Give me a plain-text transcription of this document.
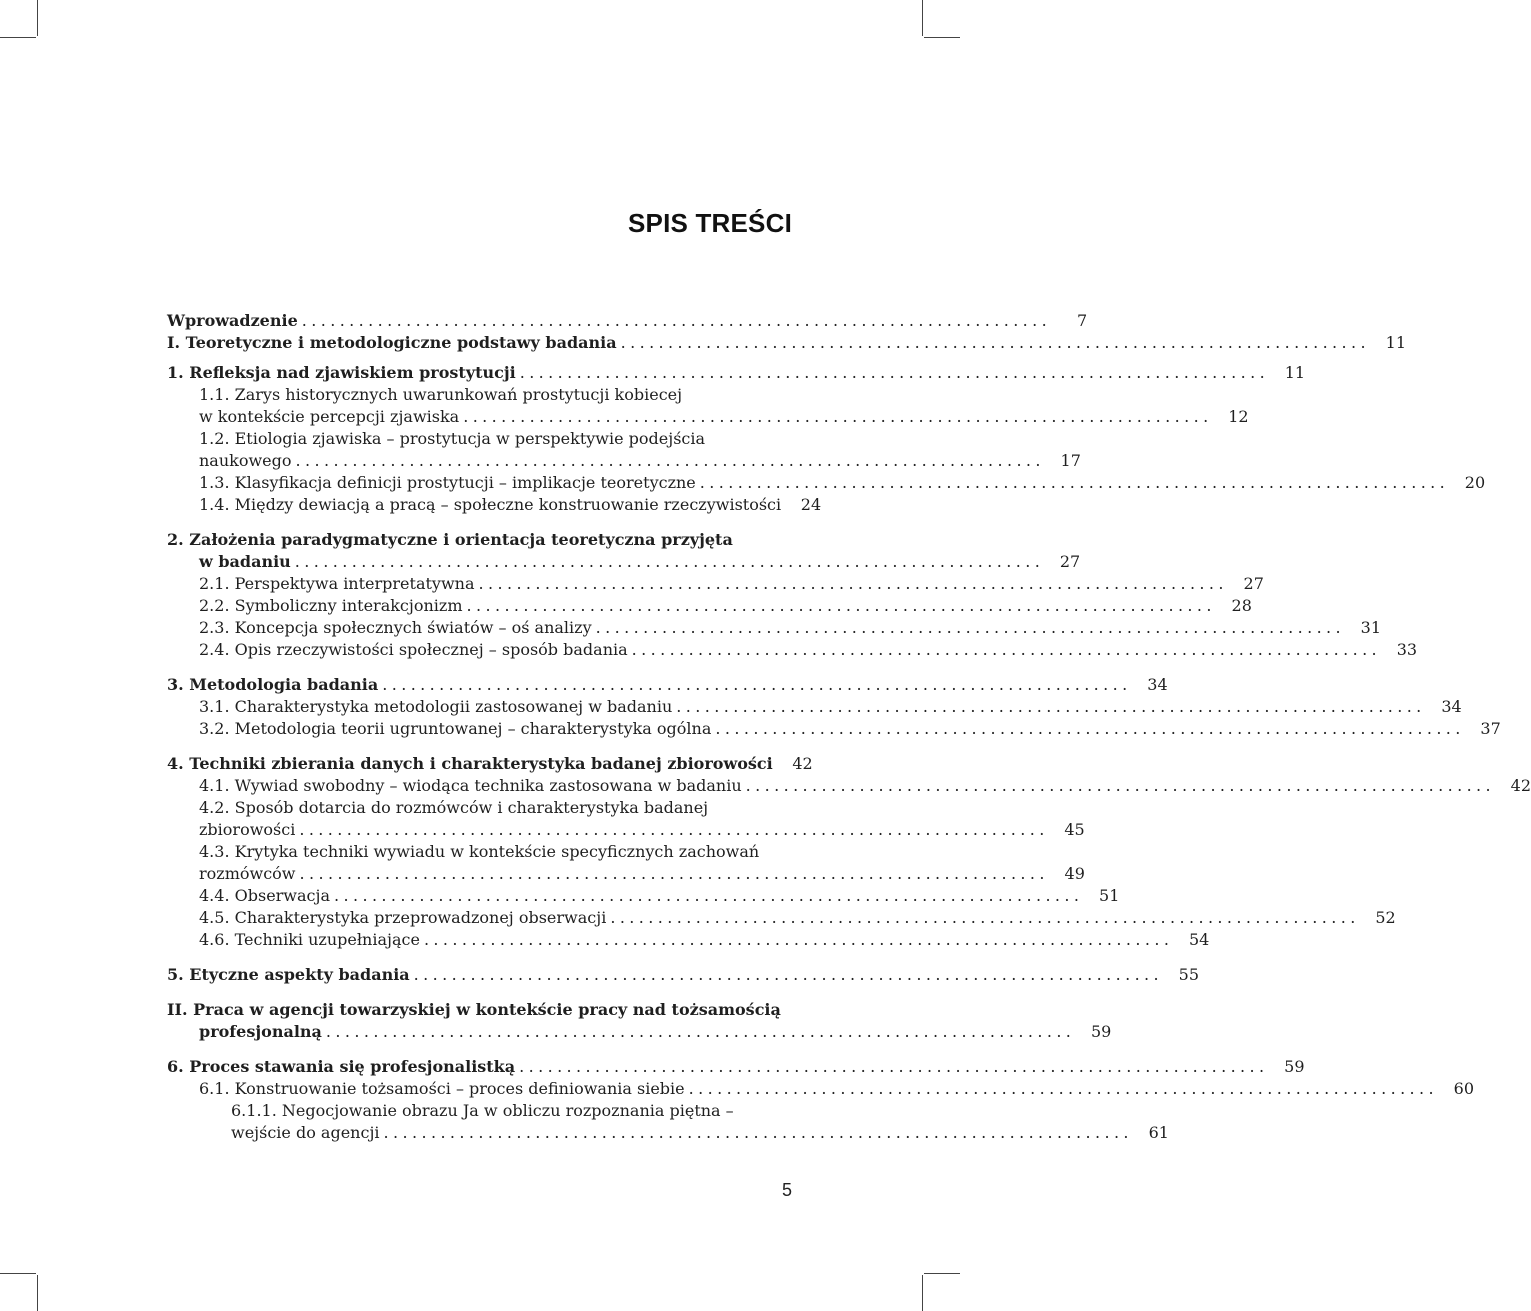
SPIS TREŚCI
Wprowadzenie ...............................................................................	7
I. Teoretyczne i metodologiczne podstawy badania ............................................................................... 11
1. Refleksja nad zjawiskiem prostytucji ............................................................................... 11
1.1. Zarys historycznych uwarunkowań prostytucji kobiecej
w kontekście percepcji zjawiska ............................................................................... 12
1.2. Etiologia zjawiska – prostytucja w perspektywie podejścia
naukowego ............................................................................... 17
1.3. Klasyfikacja definicji prostytucji – implikacje teoretyczne ............................................................................... 20
1.4. Między dewiacją a pracą – społeczne konstruowanie rzeczywistości	24
2. Założenia paradygmatyczne i orientacja teoretyczna przyjęta
w badaniu ............................................................................... 27
2.1. Perspektywa interpretatywna ............................................................................... 27
2.2. Symboliczny interakcjonizm ............................................................................... 28
2.3. Koncepcja społecznych światów – oś analizy ............................................................................... 31
2.4. Opis rzeczywistości społecznej – sposób badania ............................................................................... 33
3. Metodologia badania ............................................................................... 34
3.1. Charakterystyka metodologii zastosowanej w badaniu ............................................................................... 34
3.2. Metodologia teorii ugruntowanej – charakterystyka ogólna ............................................................................... 37
4. Techniki zbierania danych i charakterystyka badanej zbiorowości	42
4.1. Wywiad swobodny – wiodąca technika zastosowana w badaniu ............................................................................... 42
4.2. Sposób dotarcia do rozmówców i charakterystyka badanej
zbiorowości ............................................................................... 45
4.3. Krytyka techniki wywiadu w kontekście specyficznych zachowań
rozmówców ............................................................................... 49
4.4. Obserwacja ............................................................................... 51
4.5. Charakterystyka przeprowadzonej obserwacji ............................................................................... 52
4.6. Techniki uzupełniające ............................................................................... 54
5. Etyczne aspekty badania ............................................................................... 55
II. Praca w agencji towarzyskiej w kontekście pracy nad tożsamością
profesjonalną ............................................................................... 59
6. Proces stawania się profesjonalistką ............................................................................... 59
6.1. Konstruowanie tożsamości – proces definiowania siebie ............................................................................... 60
6.1.1. Negocjowanie obrazu Ja w obliczu rozpoznania piętna –
wejście do agencji ............................................................................... 61
5
